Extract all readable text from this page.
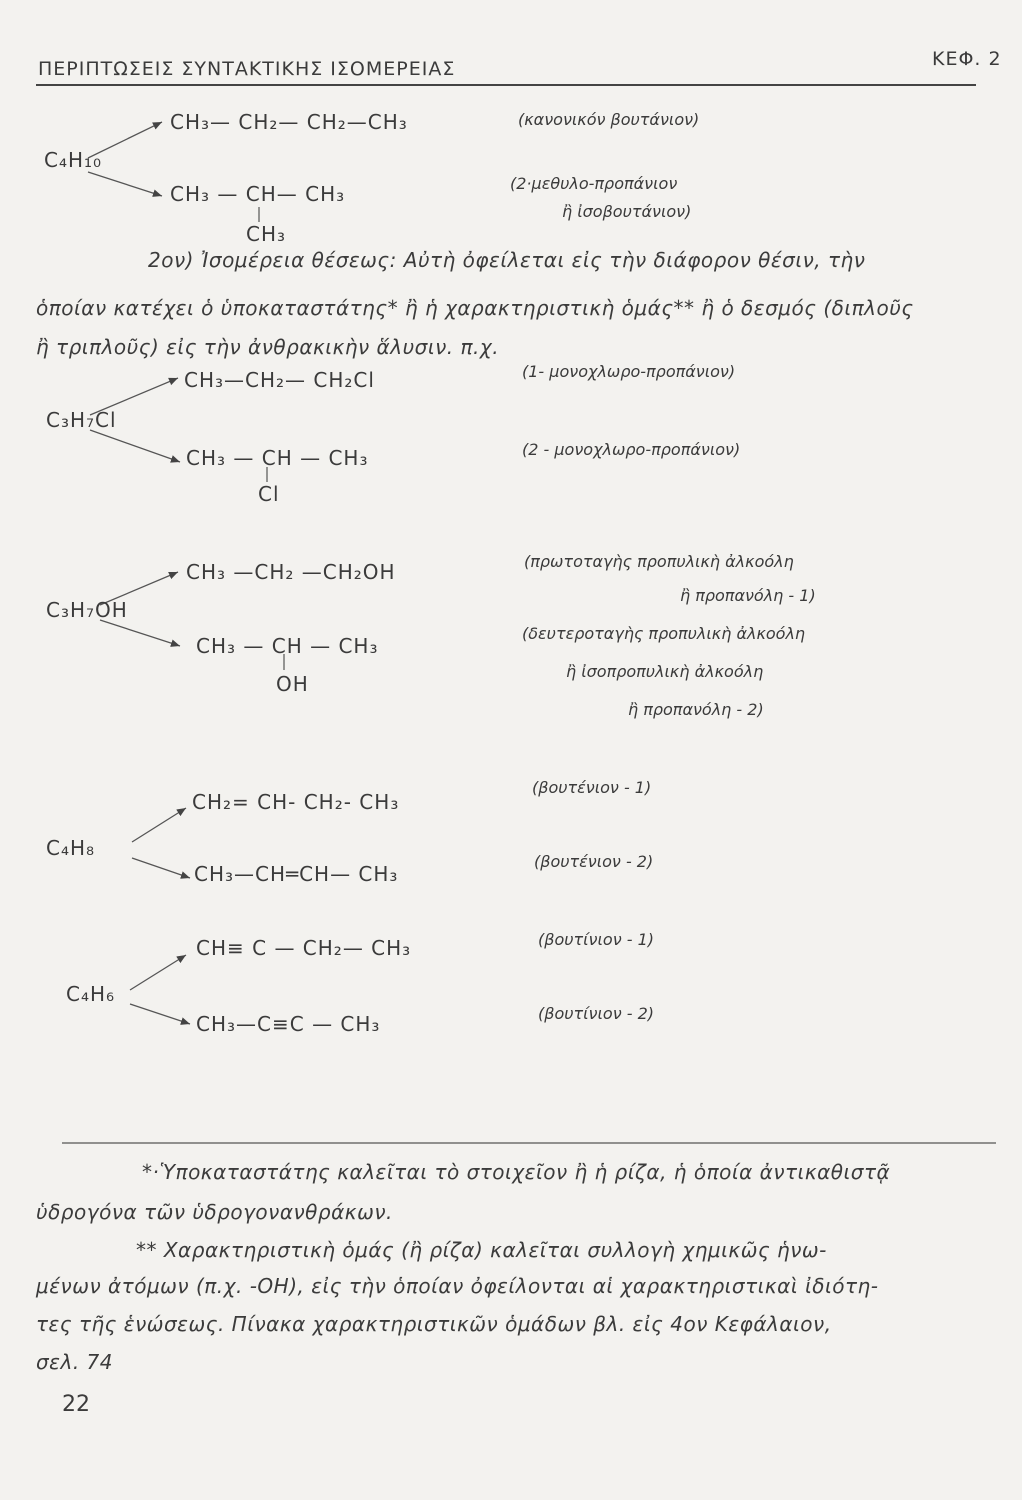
ΠΕΡΙΠΤΩΣΕΙΣ ΣΥΝΤΑΚΤΙΚΗΣ ΙΣΟΜΕΡΕΙΑΣ	ΚΕΦ. 2
C₄H₁₀
CH₃— CH₂— CH₂—CH₃	(κανονικόν βουτάνιον)
CH₃ — CH— CH₃
CH₃
(2·μεθυλο-προπάνιον
ἢ ἰσοβουτάνιον)
2ον) Ἰσομέρεια θέσεως: Αὐτὴ ὀφείλεται εἰς τὴν διάφορον θέσιν, τὴν
ὁποίαν κατέχει ὁ ὑποκαταστάτης* ἢ ἡ χαρακτηριστικὴ ὁμάς** ἢ ὁ δεσμός (διπλοῦς
ἢ τριπλοῦς) εἰς τὴν ἀνθρακικὴν ἅλυσιν. π.χ.
C₃H₇Cl
CH₃—CH₂— CH₂Cl	(1- μονοχλωρο-προπάνιον)
CH₃ — CH — CH₃
Cl
(2 - μονοχλωρο-προπάνιον)
C₃H₇OH
CH₃ —CH₂ —CH₂OH	(πρωτοταγὴς προπυλικὴ ἀλκοόλη
ἢ προπανόλη - 1)
CH₃ — CH — CH₃
OH
(δευτεροταγὴς προπυλικὴ ἀλκοόλη
ἢ ἰσοπροπυλικὴ ἀλκοόλη
ἢ προπανόλη - 2)
C₄H₈
CH₂= CH- CH₂- CH₃
(βουτένιον - 1)
CH₃—CH═CH— CH₃
(βουτένιον - 2)
C₄H₆
CH≡ C — CH₂— CH₃	(βουτίνιον - 1)
CH₃—C≡C — CH₃	(βουτίνιον - 2)
*·Ὑποκαταστάτης καλεῖται τὸ στοιχεῖον ἢ ἡ ρίζα, ἡ ὁποία ἀντικαθιστᾷ
ὑδρογόνα τῶν ὑδρογονανθράκων.
** Χαρακτηριστικὴ ὁμάς (ἢ ρίζα) καλεῖται συλλογὴ χημικῶς ἡνω-
μένων ἀτόμων (π.χ. -OH), εἰς τὴν ὁποίαν ὀφείλονται αἱ χαρακτηριστικαὶ ἰδιότη-
τες τῆς ἑνώσεως. Πίνακα χαρακτηριστικῶν ὁμάδων βλ. εἰς 4ον Κεφάλαιον,
σελ. 74
22
